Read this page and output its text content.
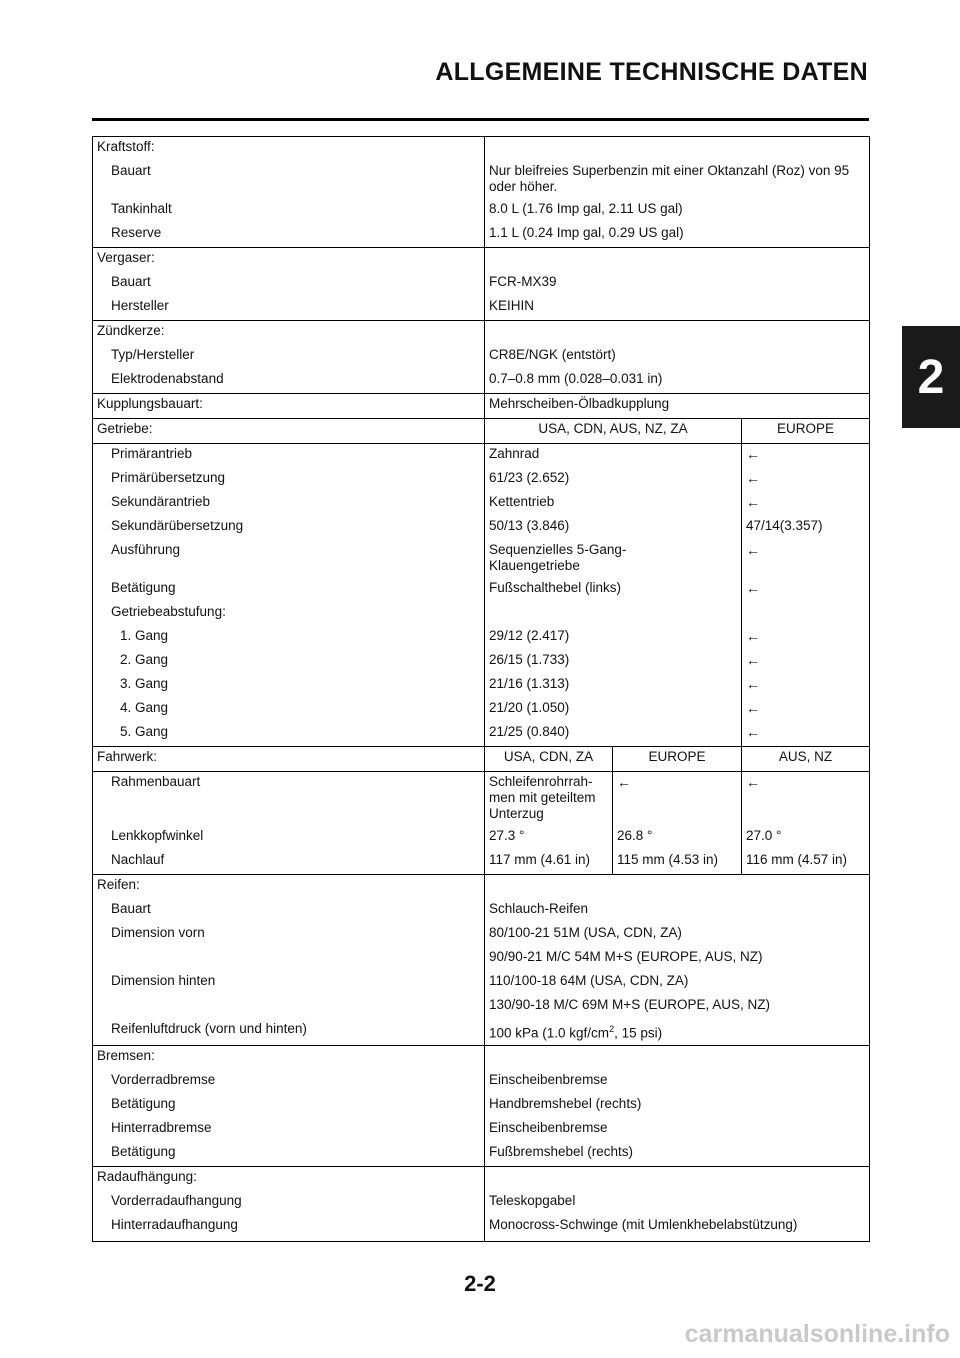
ALLGEMEINE TECHNISCHE DATEN
2
Kraftstoff:			
Bauart	Nur bleifreies Superbenzin mit einer Oktanzahl (Roz) von 95 oder höher.		
Tankinhalt	8.0 L (1.76 Imp gal, 2.11 US gal)		
Reserve	1.1 L (0.24 Imp gal, 0.29 US gal)		
Vergaser:			
Bauart	FCR-MX39		
Hersteller	KEIHIN		
Zündkerze:			
Typ/Hersteller	CR8E/NGK (entstört)		
Elektrodenabstand	0.7–0.8 mm (0.028–0.031 in)		
Kupplungsbauart:	Mehrscheiben-Ölbadkupplung		
Getriebe:	USA, CDN, AUS, NZ, ZA		EUROPE
Primärantrieb	Zahnrad		←
Primärübersetzung	61/23 (2.652)		←
Sekundärantrieb	Kettentrieb		←
Sekundärübersetzung	50/13 (3.846)		47/14(3.357)
Ausführung	Sequenzielles 5-Gang-Klauengetriebe		←
Betätigung	Fußschalthebel (links)		←
Getriebeabstufung:			
1. Gang	29/12 (2.417)		←
2. Gang	26/15 (1.733)		←
3. Gang	21/16 (1.313)		←
4. Gang	21/20 (1.050)		←
5. Gang	21/25 (0.840)		←
Fahrwerk:	USA, CDN, ZA	EUROPE	AUS, NZ
Rahmenbauart	Schleifenrohrrah-men mit geteiltem Unterzug	←	←
Lenkkopfwinkel	27.3 °	26.8 °	27.0 °
Nachlauf	117 mm (4.61 in)	115 mm (4.53 in)	116 mm (4.57 in)
Reifen:			
Bauart	Schlauch-Reifen		
Dimension vorn	80/100-21 51M (USA, CDN, ZA)		
	90/90-21 M/C 54M M+S (EUROPE, AUS, NZ)		
Dimension hinten	110/100-18 64M (USA, CDN, ZA)		
	130/90-18 M/C 69M M+S (EUROPE, AUS, NZ)		
Reifenluftdruck (vorn und hinten)	100 kPa (1.0 kgf/$cm^2$, 15 psi)		
Bremsen:			
Vorderradbremse	Einscheibenbremse		
Betätigung	Handbremshebel (rechts)		
Hinterradbremse	Einscheibenbremse		
Betätigung	Fußbremshebel (rechts)		
Radaufhängung:			
Vorderradaufhangung	Teleskopgabel		
Hinterradaufhangung	Monocross-Schwinge (mit Umlenkhebelabstützung)		
2-2
carmanualsonline.info
